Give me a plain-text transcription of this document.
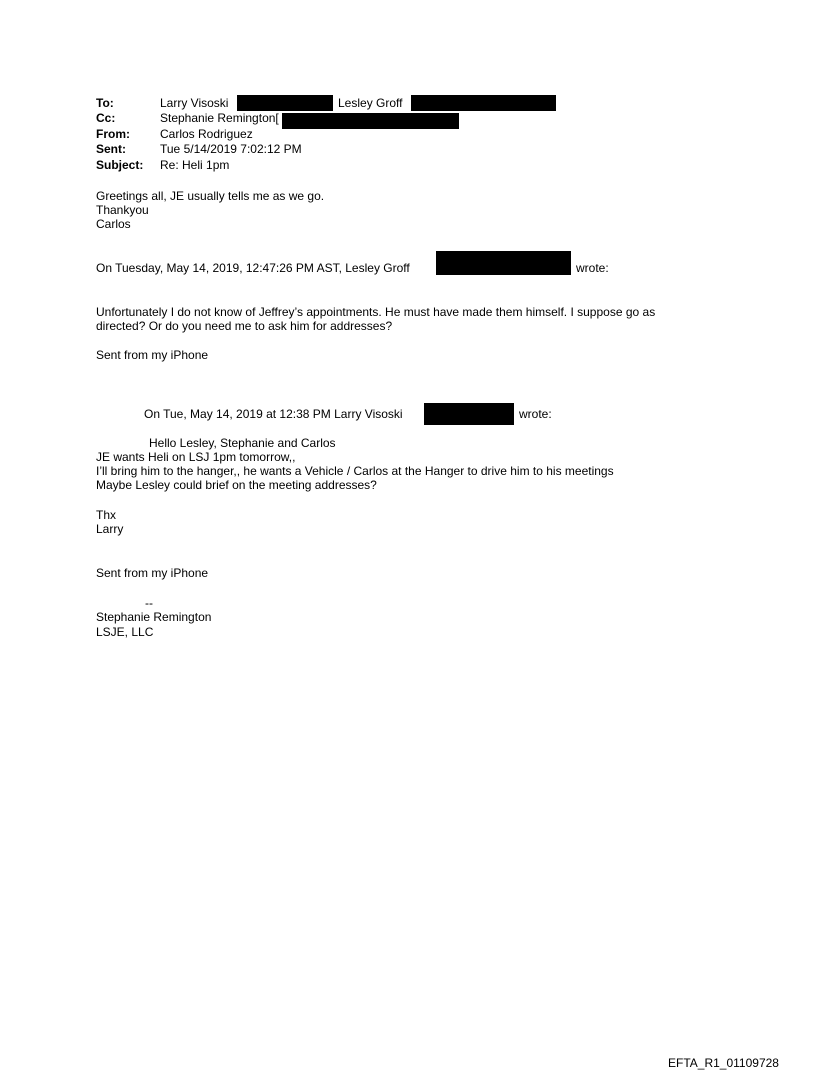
To:	Larry Visoski	Lesley Groff
Cc:	Stephanie Remington[
From:	Carlos Rodriguez
Sent:	Tue 5/14/2019 7:02:12 PM
Subject: Re: Heli 1pm
Greetings all, JE usually tells me as we go.
Thankyou
Carlos
On Tuesday, May 14, 2019, 12:47:26 PM AST, Lesley Groff	wrote:
Unfortunately I do not know of Jeffrey’s appointments. He must have made them himself. I suppose go as
directed? Or do you need me to ask him for addresses?
Sent from my iPhone
On Tue, May 14, 2019 at 12:38 PM Larry Visoski	wrote:
Hello Lesley, Stephanie and Carlos
JE wants Heli on LSJ 1pm tomorrow,,
I’ll bring him to the hanger,, he wants a Vehicle / Carlos at the Hanger to drive him to his meetings
Maybe Lesley could brief on the meeting addresses?
Thx
Larry
Sent from my iPhone
--
Stephanie Remington
LSJE, LLC
EFTA_R1_01109728
